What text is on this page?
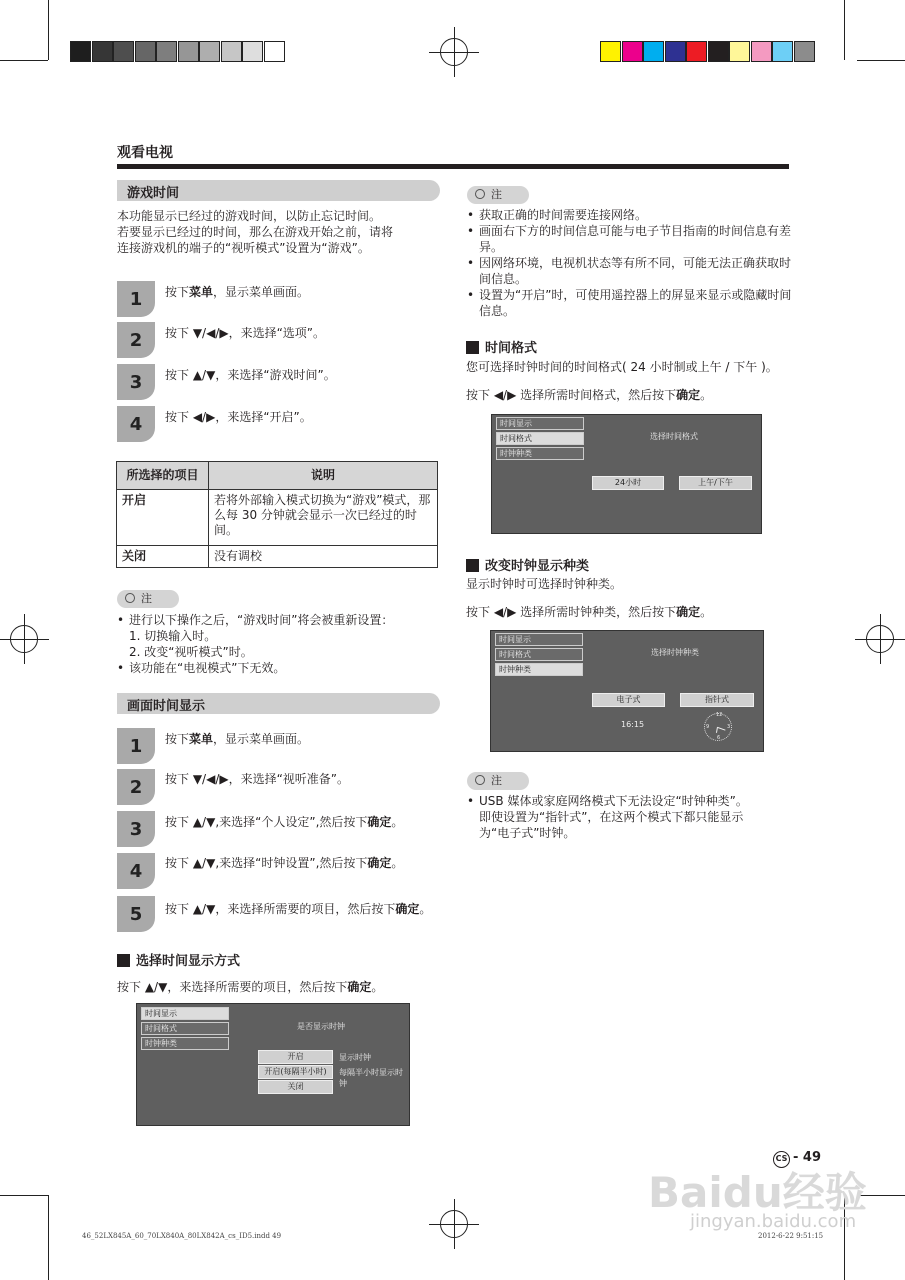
观看电视
游戏时间
本功能显示已经过的游戏时间，以防止忘记时间。
若要显示已经过的时间，那么在游戏开始之前，请将
连接游戏机的端子的“视听模式”设置为“游戏”。
1	按下菜单，显示菜单画面。
2	按下 ▼/◀/▶，来选择“选项”。
3	按下 ▲/▼，来选择“游戏时间”。
4	按下 ◀/▶，来选择“开启”。
所选择的项目	说明
开启	若将外部输入模式切换为“游戏”模式，那么每 30 分钟就会显示一次已经过的时间。
关闭	没有调校
注
• 进行以下操作之后，“游戏时间”将会被重新设置：
1. 切换输入时。
2. 改变“视听模式”时。
• 该功能在“电视模式”下无效。
画面时间显示
1	按下菜单，显示菜单画面。
2	按下 ▼/◀/▶，来选择“视听准备”。
3	按下 ▲/▼,来选择“个人设定”,然后按下确定。
4	按下 ▲/▼,来选择“时钟设置”,然后按下确定。
5	按下 ▲/▼，来选择所需要的项目，然后按下确定。
选择时间显示方式
按下 ▲/▼，来选择所需要的项目，然后按下确定。
时间显示
时间格式
时钟种类
是否显示时钟
开启
开启(每隔半小时)
关闭
显示时钟
每隔半小时显示时钟
注
• 获取正确的时间需要连接网络。
• 画面右下方的时间信息可能与电子节目指南的时间信息有差异。
• 因网络环境，电视机状态等有所不同，可能无法正确获取时间信息。
• 设置为“开启”时，可使用遥控器上的屏显来显示或隐藏时间信息。
时间格式
您可选择时钟时间的时间格式( 24 小时制或上午 / 下午 )。
按下 ◀/▶ 选择所需时间格式，然后按下确定。
时间显示
时间格式
时钟种类
选择时间格式
24小时	上午/下午
改变时钟显示种类
显示时钟时可选择时钟种类。
按下 ◀/▶ 选择所需时钟种类，然后按下确定。
时间显示
时间格式
时钟种类
选择时钟种类
电子式	指针式
16:15
12
3
6
9
注
• USB 媒体或家庭网络模式下无法设定“时钟种类”。
即使设置为“指针式”，在这两个模式下都只能显示
为“电子式”时钟。
CS - 49
Baidu经验
jingyan.baidu.com
46_52LX845A_60_70LX840A_80LX842A_cs_ID5.indd 49	2012-6-22 9:51:15
